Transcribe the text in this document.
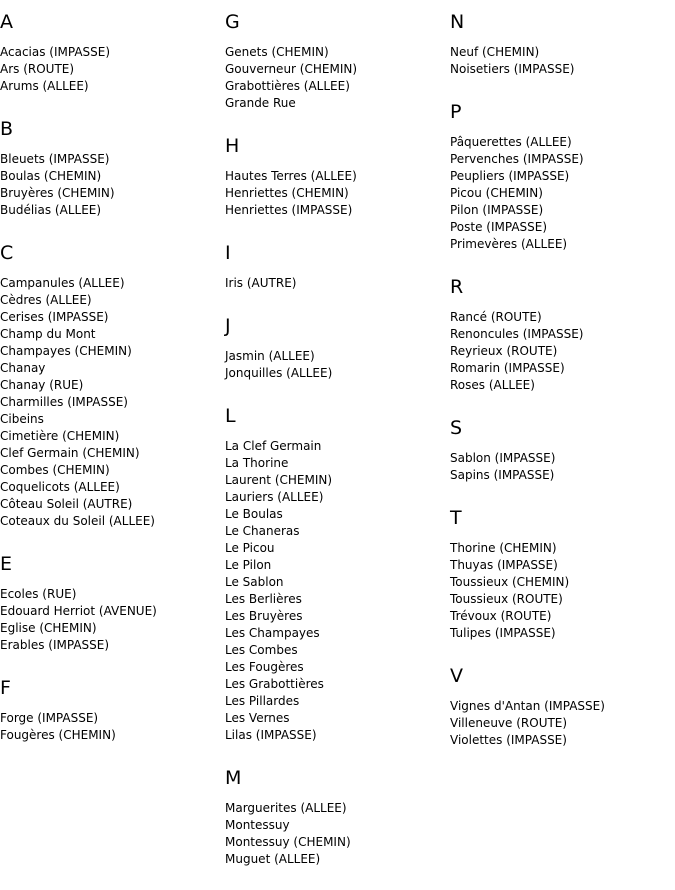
A
Acacias (IMPASSE)
Ars (ROUTE)
Arums (ALLEE)
B
Bleuets (IMPASSE)
Boulas (CHEMIN)
Bruyères (CHEMIN)
Budélias (ALLEE)
C
Campanules (ALLEE)
Cèdres (ALLEE)
Cerises (IMPASSE)
Champ du Mont
Champayes (CHEMIN)
Chanay
Chanay (RUE)
Charmilles (IMPASSE)
Cibeins
Cimetière (CHEMIN)
Clef Germain (CHEMIN)
Combes (CHEMIN)
Coquelicots (ALLEE)
Côteau Soleil (AUTRE)
Coteaux du Soleil (ALLEE)
E
Ecoles (RUE)
Edouard Herriot (AVENUE)
Eglise (CHEMIN)
Erables (IMPASSE)
F
Forge (IMPASSE)
Fougères (CHEMIN)
G
Genets (CHEMIN)
Gouverneur (CHEMIN)
Grabottières (ALLEE)
Grande Rue
H
Hautes Terres (ALLEE)
Henriettes (CHEMIN)
Henriettes (IMPASSE)
I
Iris (AUTRE)
J
Jasmin (ALLEE)
Jonquilles (ALLEE)
L
La Clef Germain
La Thorine
Laurent (CHEMIN)
Lauriers (ALLEE)
Le Boulas
Le Chaneras
Le Picou
Le Pilon
Le Sablon
Les Berlières
Les Bruyères
Les Champayes
Les Combes
Les Fougères
Les Grabottières
Les Pillardes
Les Vernes
Lilas (IMPASSE)
M
Marguerites (ALLEE)
Montessuy
Montessuy (CHEMIN)
Muguet (ALLEE)
N
Neuf (CHEMIN)
Noisetiers (IMPASSE)
P
Pâquerettes (ALLEE)
Pervenches (IMPASSE)
Peupliers (IMPASSE)
Picou (CHEMIN)
Pilon (IMPASSE)
Poste (IMPASSE)
Primevères (ALLEE)
R
Rancé (ROUTE)
Renoncules (IMPASSE)
Reyrieux (ROUTE)
Romarin (IMPASSE)
Roses (ALLEE)
S
Sablon (IMPASSE)
Sapins (IMPASSE)
T
Thorine (CHEMIN)
Thuyas (IMPASSE)
Toussieux (CHEMIN)
Toussieux (ROUTE)
Trévoux (ROUTE)
Tulipes (IMPASSE)
V
Vignes d'Antan (IMPASSE)
Villeneuve (ROUTE)
Violettes (IMPASSE)
